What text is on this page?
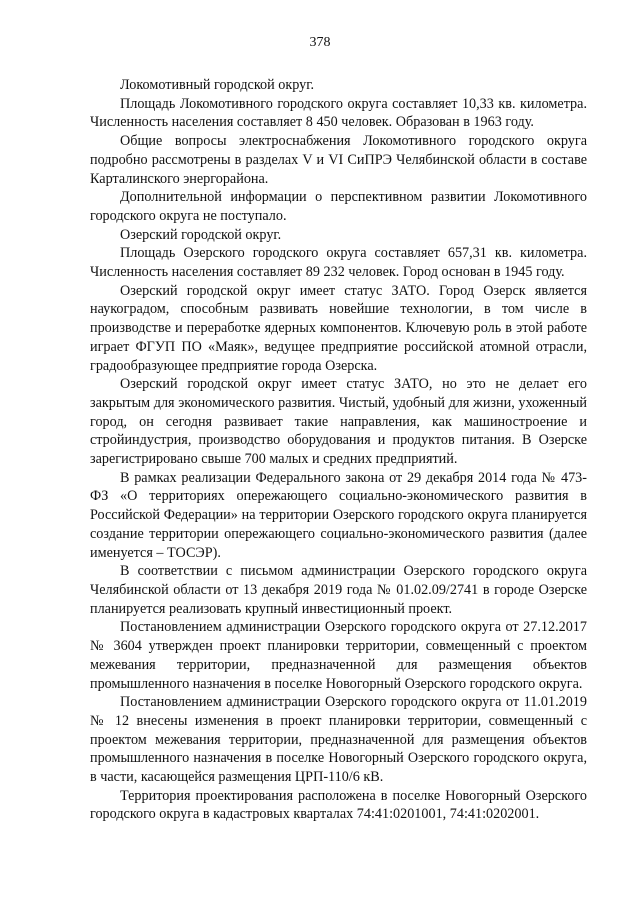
378

Локомотивный городской округ.

Площадь Локомотивного городского округа составляет 10,33 кв. километра. Численность населения составляет 8 450 человек. Образован в 1963 году.

Общие вопросы электроснабжения Локомотивного городского округа подробно рассмотрены в разделах V и VI СиПРЭ Челябинской области в составе Карталинского энергорайона.

Дополнительной информации о перспективном развитии Локомотивного городского округа не поступало.

Озерский городской округ.

Площадь Озерского городского округа составляет 657,31 кв. километра. Численность населения составляет 89 232 человек. Город основан в 1945 году.

Озерский городской округ имеет статус ЗАТО. Город Озерск является наукоградом, способным развивать новейшие технологии, в том числе в производстве и переработке ядерных компонентов. Ключевую роль в этой работе играет ФГУП ПО «Маяк», ведущее предприятие российской атомной отрасли, градообразующее предприятие города Озерска.

Озерский городской округ имеет статус ЗАТО, но это не делает его закрытым для экономического развития. Чистый, удобный для жизни, ухоженный город, он сегодня развивает такие направления, как машиностроение и стройиндустрия, производство оборудования и продуктов питания. В Озерске зарегистрировано свыше 700 малых и средних предприятий.

В рамках реализации Федерального закона от 29 декабря 2014 года № 473-ФЗ «О территориях опережающего социально-экономического развития в Российской Федерации» на территории Озерского городского округа планируется создание территории опережающего социально-экономического развития (далее именуется – ТОСЭР).

В соответствии с письмом администрации Озерского городского округа Челябинской области от 13 декабря 2019 года № 01.02.09/2741 в городе Озерске планируется реализовать крупный инвестиционный проект.

Постановлением администрации Озерского городского округа от 27.12.2017 № 3604 утвержден проект планировки территории, совмещенный с проектом межевания территории, предназначенной для размещения объектов промышленного назначения в поселке Новогорный Озерского городского округа.

Постановлением администрации Озерского городского округа от 11.01.2019 № 12 внесены изменения в проект планировки территории, совмещенный с проектом межевания территории, предназначенной для размещения объектов промышленного назначения в поселке Новогорный Озерского городского округа, в части, касающейся размещения ЦРП-110/6 кВ.

Территория проектирования расположена в поселке Новогорный Озерского городского округа в кадастровых кварталах 74:41:0201001, 74:41:0202001.
